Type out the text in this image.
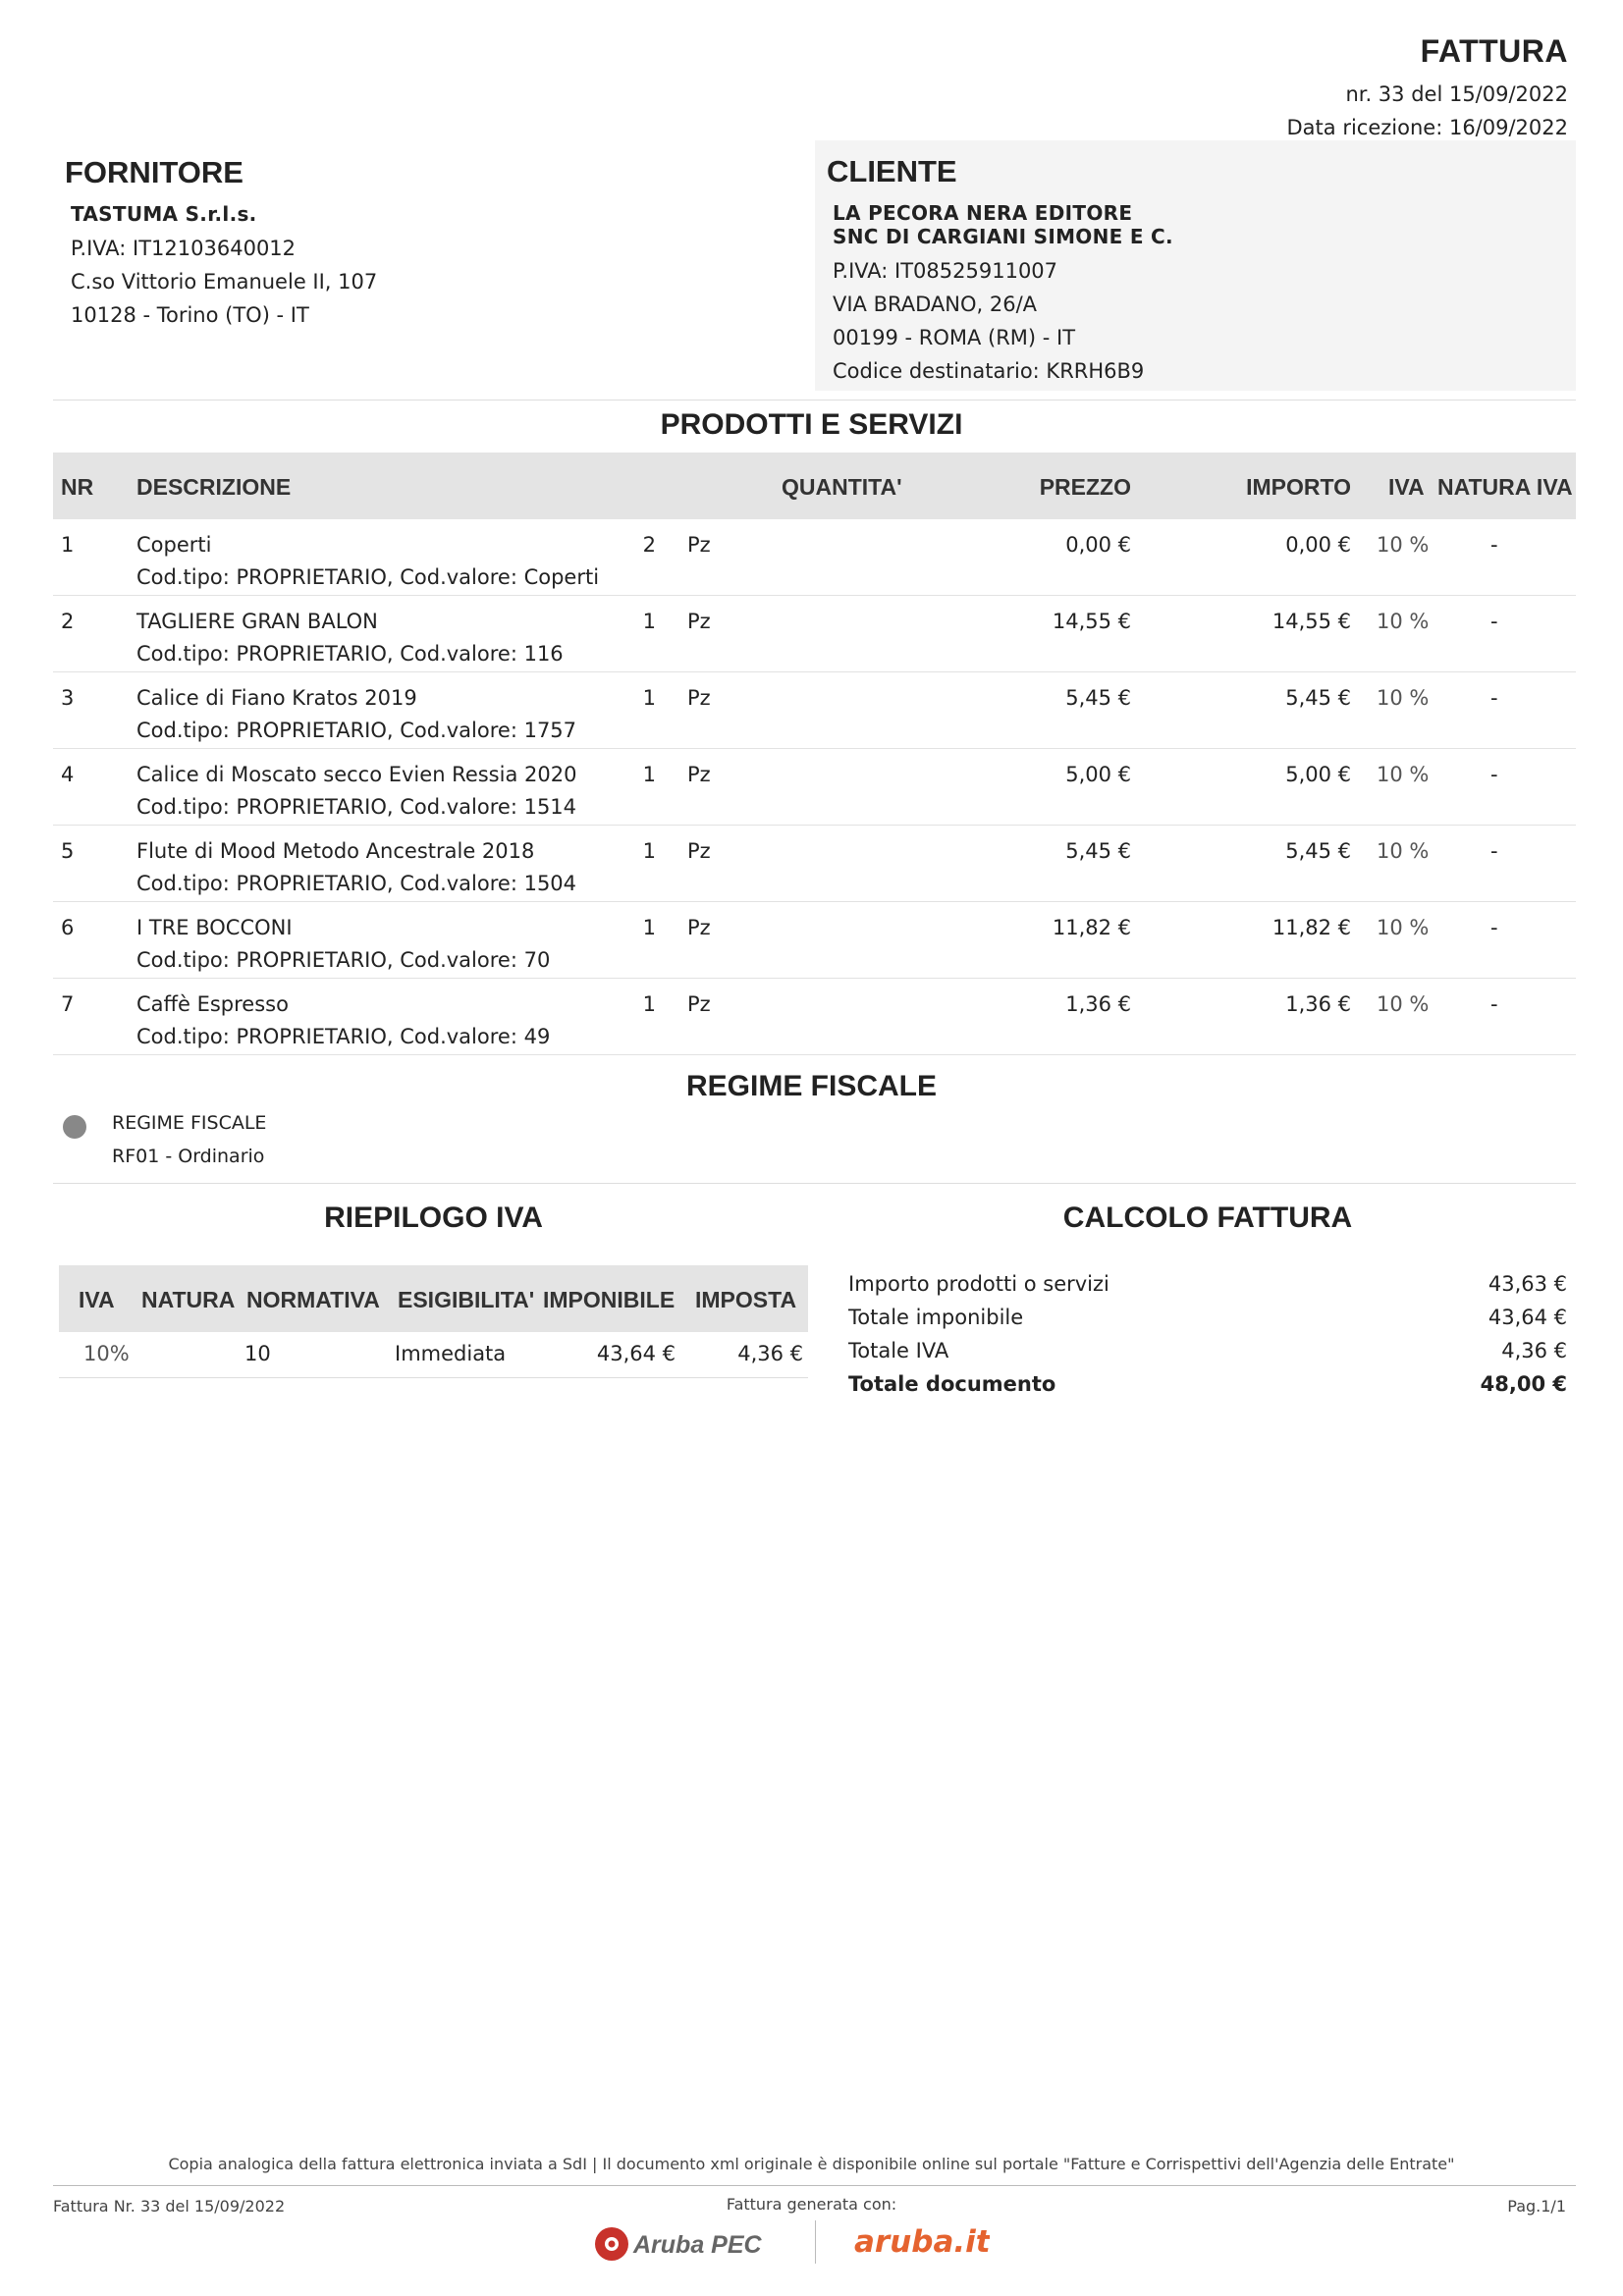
FATTURA
nr. 33 del 15/09/2022
Data ricezione: 16/09/2022
FORNITORE
TASTUMA S.r.l.s.
P.IVA: IT12103640012
C.so Vittorio Emanuele II, 107
10128 - Torino (TO) - IT
CLIENTE
LA PECORA NERA EDITORE
SNC DI CARGIANI SIMONE E C.
P.IVA: IT08525911007
VIA BRADANO, 26/A
00199 - ROMA (RM) - IT
Codice destinatario: KRRH6B9
PRODOTTI E SERVIZI
NR DESCRIZIONE	QUANTITA'	PREZZO	IMPORTO IVA NATURA IVA
1	Coperti
Cod.tipo: PROPRIETARIO, Cod.valore: Coperti
2 Pz	0,00 €	0,00 € 10 %	-
2	TAGLIERE GRAN BALON
Cod.tipo: PROPRIETARIO, Cod.valore: 116
1 Pz	14,55 €	14,55 € 10 %	-
3	Calice di Fiano Kratos 2019
Cod.tipo: PROPRIETARIO, Cod.valore: 1757
1 Pz	5,45 €	5,45 € 10 %	-
4	Calice di Moscato secco Evien Ressia 2020
Cod.tipo: PROPRIETARIO, Cod.valore: 1514
1 Pz	5,00 €	5,00 € 10 %	-
5	Flute di Mood Metodo Ancestrale 2018
Cod.tipo: PROPRIETARIO, Cod.valore: 1504
1 Pz	5,45 €	5,45 € 10 %	-
6	I TRE BOCCONI
Cod.tipo: PROPRIETARIO, Cod.valore: 70
1 Pz	11,82 €	11,82 € 10 %	-
7	Caffè Espresso
Cod.tipo: PROPRIETARIO, Cod.valore: 49
1 Pz	1,36 €	1,36 € 10 %	-
REGIME FISCALE
REGIME FISCALE
RF01 - Ordinario
RIEPILOGO IVA
IVA NATURA NORMATIVA ESIGIBILITA' IMPONIBILE IMPOSTA
10%	10	Immediata	43,64 €	4,36 €
CALCOLO FATTURA
Importo prodotti o servizi	43,63 €
Totale imponibile	43,64 €
Totale IVA	4,36 €
Totale documento	48,00 €
Copia analogica della fattura elettronica inviata a SdI | Il documento xml originale è disponibile online sul portale "Fatture e Corrispettivi dell'Agenzia delle Entrate"
Fattura Nr. 33 del 15/09/2022	Fattura generata con:	Pag.1/1
Aruba PEC	aruba.it
